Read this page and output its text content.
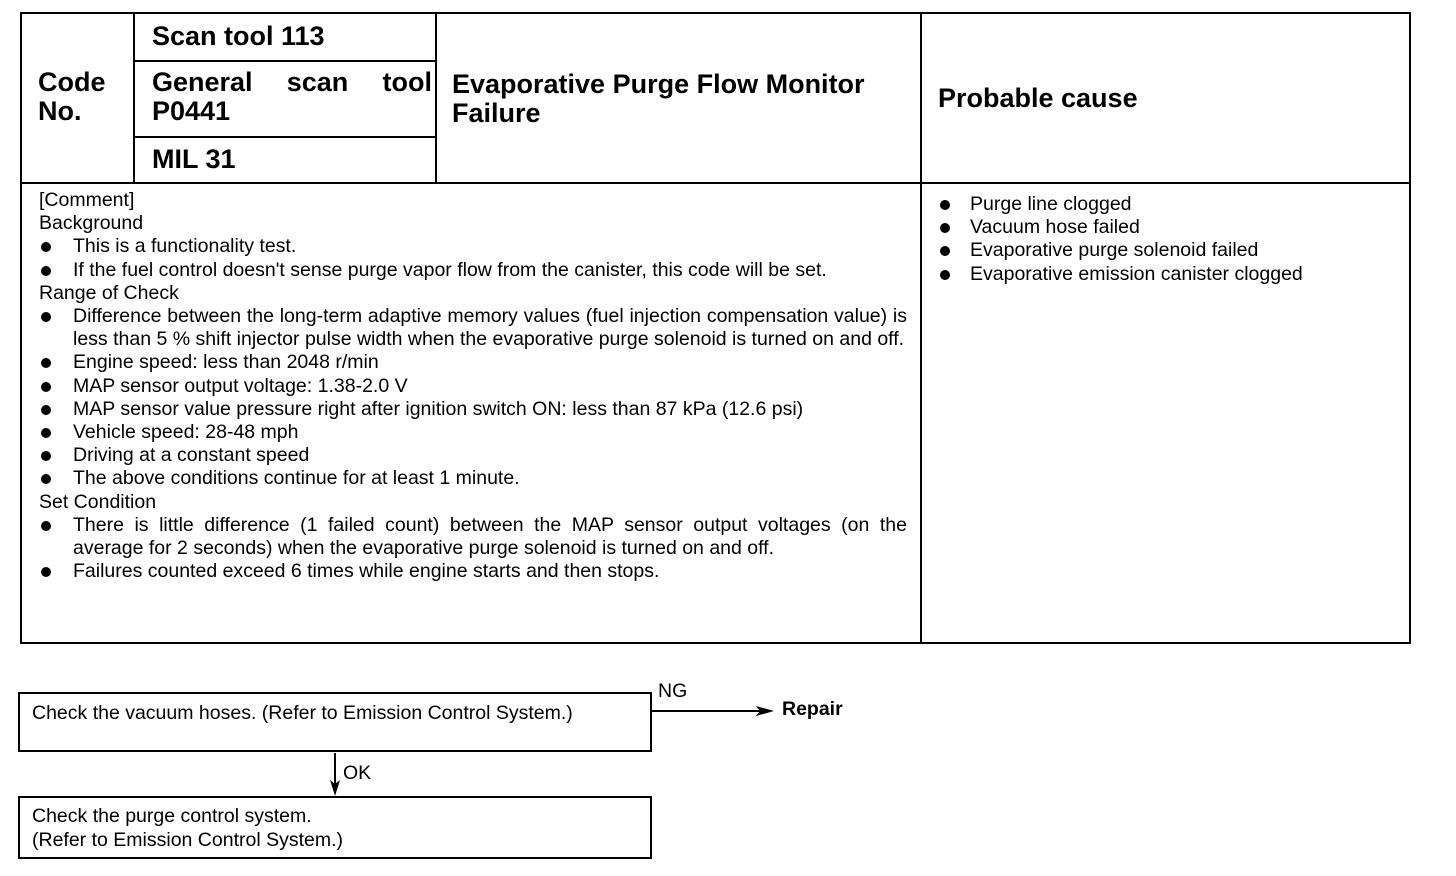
Code
No.
Scan tool 113
General scan tool
P0441
MIL 31
Evaporative Purge Flow Monitor
Failure	Probable cause
[Comment]
Background
This is a functionality test.
If the fuel control doesn't sense purge vapor flow from the canister, this code will be set.
Range of Check
Difference between the long-term adaptive memory values (fuel injection compensation value) is less than 5 % shift injector pulse width when the evaporative purge solenoid is turned on and off.
Engine speed: less than 2048 r/min
MAP sensor output voltage: 1.38-2.0 V
MAP sensor value pressure right after ignition switch ON: less than 87 kPa (12.6 psi)
Vehicle speed: 28-48 mph
Driving at a constant speed
The above conditions continue for at least 1 minute.
Set Condition
There is little difference (1 failed count) between the MAP sensor output voltages (on the average for 2 seconds) when the evaporative purge solenoid is turned on and off.
Failures counted exceed 6 times while engine starts and then stops.
Purge line clogged
Vacuum hose failed
Evaporative purge solenoid failed
Evaporative emission canister clogged
Check the vacuum hoses. (Refer to Emission Control System.)
NG
Repair
OK
Check the purge control system.
(Refer to Emission Control System.)
